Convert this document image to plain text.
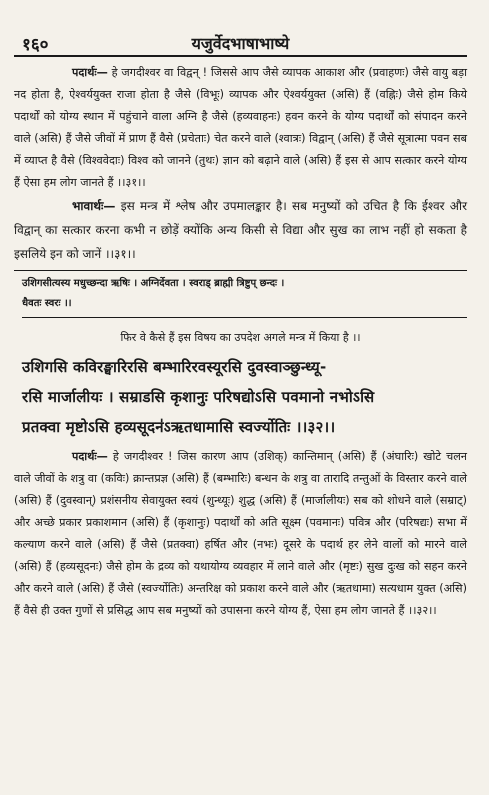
१६०	यजुर्वेदभाषाभाष्ये

पदार्थः— हे जगदीश्वर वा विद्वन् ! जिससे आप जैसे व्यापक आकाश और (प्रवाहणः) जैसे वायु बड़ा नद होता है, ऐश्वर्ययुक्त राजा होता है जैसे (विभूः) व्यापक और ऐश्वर्ययुक्त (असि) हैं (वह्निः) जैसे होम किये पदार्थों को योग्य स्थान में पहुंचाने वाला अग्नि है जैसे (हव्यवाहनः) हवन करने के योग्य पदार्थों को संपादन करने वाले (असि) हैं जैसे जीवों में प्राण हैं वैसे (प्रचेताः) चेत करने वाले (श्वात्रः) विद्वान् (असि) हैं जैसे सूत्रात्मा पवन सब में व्याप्त है वैसे (विश्ववेदाः) विश्व को जानने (तुथः) ज्ञान को बढ़ाने वाले (असि) हैं इस से आप सत्कार करने योग्य हैं ऐसा हम लोग जानते हैं ।।३१।।

भावार्थः— इस मन्त्र में श्लेष और उपमालङ्कार है। सब मनुष्यों को उचित है कि ईश्वर और विद्वान् का सत्कार करना कभी न छोड़ें क्योंकि अन्य किसी से विद्या और सुख का लाभ नहीं हो सकता है इसलिये इन को जानें ।।३१।।

उशिगसीत्यस्य मधुच्छन्दा ऋषिः । अग्निर्देवता । स्वराड् ब्राह्मी त्रिष्टुप् छन्दः ।

धैवतः स्वरः ।।

फिर वे कैसे हैं इस विषय का उपदेश अगले मन्त्र में किया है ।।

उशिगसि कविरङ्घारिरसि बम्भारिरवस्यूरसि दुवस्वाञ्छुन्ध्यू-

रसि मार्जालीयः । सम्राडसि कृशानुः परिषद्योऽसि पवमानो नभोऽसि

प्रतक्वा मृष्टोऽसि हव्यसूदन॑ऽऋतधामासि स्वर्ज्योतिः ।।३२।।

पदार्थः— हे जगदीश्वर ! जिस कारण आप (उशिक्) कान्तिमान् (असि) हैं (अंघारिः) खोटे चलन वाले जीवों के शत्रु वा (कविः) क्रान्तप्रज्ञ (असि) हैं (बम्भारिः) बन्धन के शत्रु वा तारादि तन्तुओं के विस्तार करने वाले (असि) हैं (दुवस्वान्) प्रशंसनीय सेवायुक्त स्वयं (शुन्ध्यूः) शुद्ध (असि) हैं (मार्जालीयः) सब को शोधने वाले (सम्राट्) और अच्छे प्रकार प्रकाशमान (असि) हैं (कृशानुः) पदार्थों को अति सूक्ष्म (पवमानः) पवित्र और (परिषद्यः) सभा में कल्याण करने वाले (असि) हैं जैसे (प्रतक्वा) हर्षित और (नभः) दूसरे के पदार्थ हर लेने वालों को मारने वाले (असि) हैं (हव्यसूदनः) जैसे होम के द्रव्य को यथायोग्य व्यवहार में लाने वाले और (मृष्टः) सुख दुःख को सहन करने और करने वाले (असि) हैं जैसे (स्वर्ज्योतिः) अन्तरिक्ष को प्रकाश करने वाले और (ऋतधामा) सत्यधाम युक्त (असि) हैं वैसे ही उक्त गुणों से प्रसिद्ध आप सब मनुष्यों को उपासना करने योग्य हैं, ऐसा हम लोग जानते हैं ।।३२।।
